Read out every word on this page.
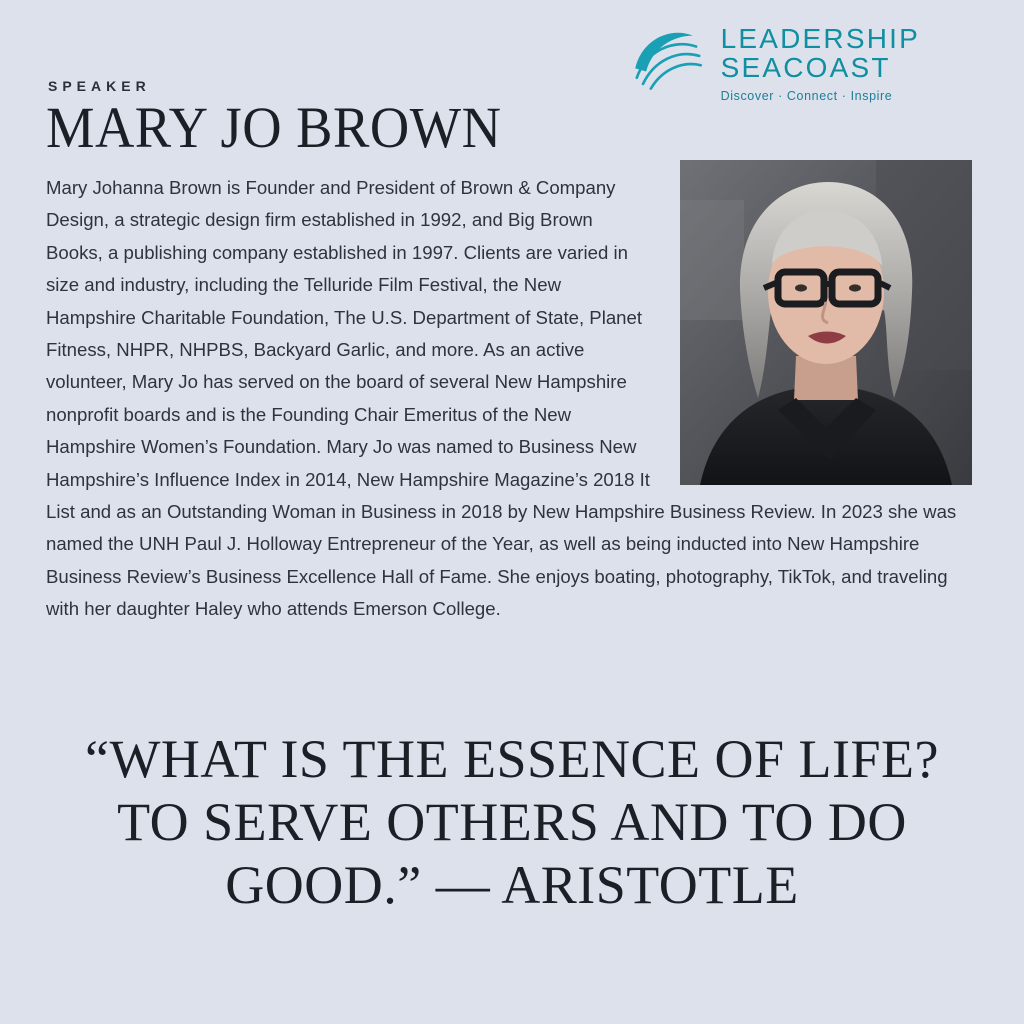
LEADERSHIP
SEACOAST
Discover · Connect · Inspire
SPEAKER
MARY JO BROWN
Mary Johanna Brown is Founder and President of Brown & Company Design, a strategic design firm established in 1992, and Big Brown Books, a publishing company established in 1997. Clients are varied in size and industry, including the Telluride Film Festival, the New Hampshire Charitable Foundation, The U.S. Department of State, Planet Fitness, NHPR, NHPBS, Backyard Garlic, and more. As an active volunteer, Mary Jo has served on the board of several New Hampshire nonprofit boards and is the Founding Chair Emeritus of the New Hampshire Women’s Foundation. Mary Jo was named to Business New Hampshire’s Influence Index in 2014, New Hampshire Magazine’s 2018 It List and as an Outstanding Woman in Business in 2018 by New Hampshire Business Review. In 2023 she was named the UNH Paul J. Holloway Entrepreneur of the Year, as well as being inducted into New Hampshire Business Review’s Business Excellence Hall of Fame. She enjoys boating, photography, TikTok, and traveling with her daughter Haley who attends Emerson College.
“WHAT IS THE ESSENCE OF LIFE? TO SERVE OTHERS AND TO DO GOOD.” — ARISTOTLE
